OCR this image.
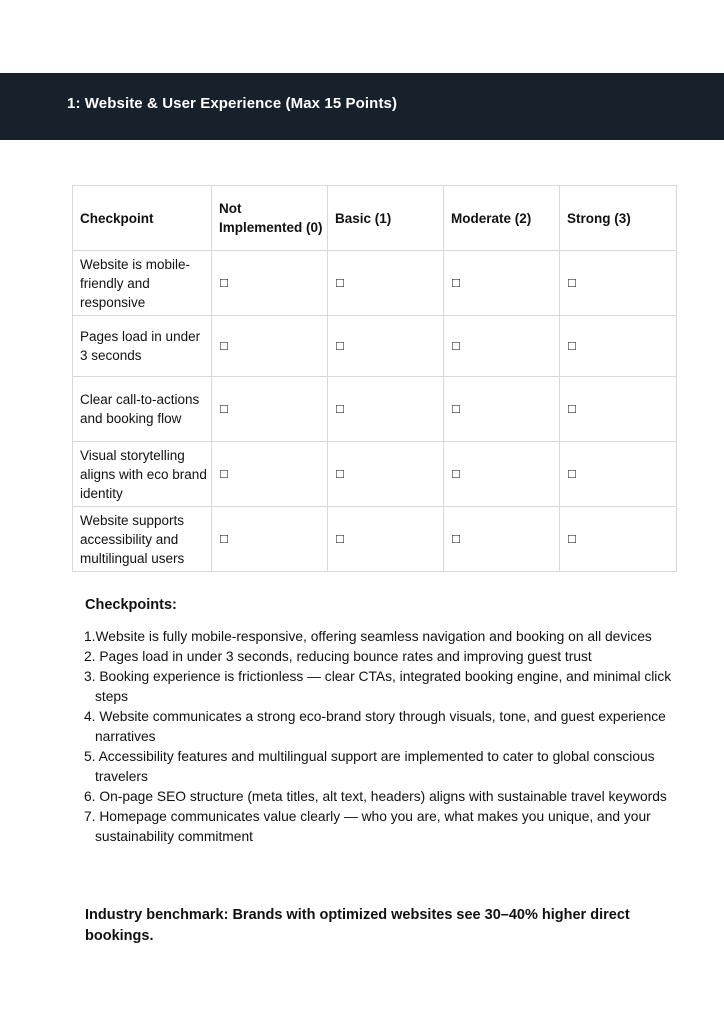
1: Website & User Experience (Max 15 Points)
Checkpoint	Not Implemented (0)	Basic (1)	Moderate (2)	Strong (3)
Website is mobile-friendly and responsive	☐	☐	☐	☐
Pages load in under 3 seconds	☐	☐	☐	☐
Clear call-to-actions and booking flow	☐	☐	☐	☐
Visual storytelling aligns with eco brand identity	☐	☐	☐	☐
Website supports accessibility and multilingual users	☐	☐	☐	☐
Checkpoints:
1.Website is fully mobile-responsive, offering seamless navigation and booking on all devices
2. Pages load in under 3 seconds, reducing bounce rates and improving guest trust
3. Booking experience is frictionless — clear CTAs, integrated booking engine, and minimal click steps
4. Website communicates a strong eco-brand story through visuals, tone, and guest experience narratives
5. Accessibility features and multilingual support are implemented to cater to global conscious travelers
6. On-page SEO structure (meta titles, alt text, headers) aligns with sustainable travel keywords
7. Homepage communicates value clearly — who you are, what makes you unique, and your sustainability commitment
Industry benchmark: Brands with optimized websites see 30–40% higher direct bookings.
